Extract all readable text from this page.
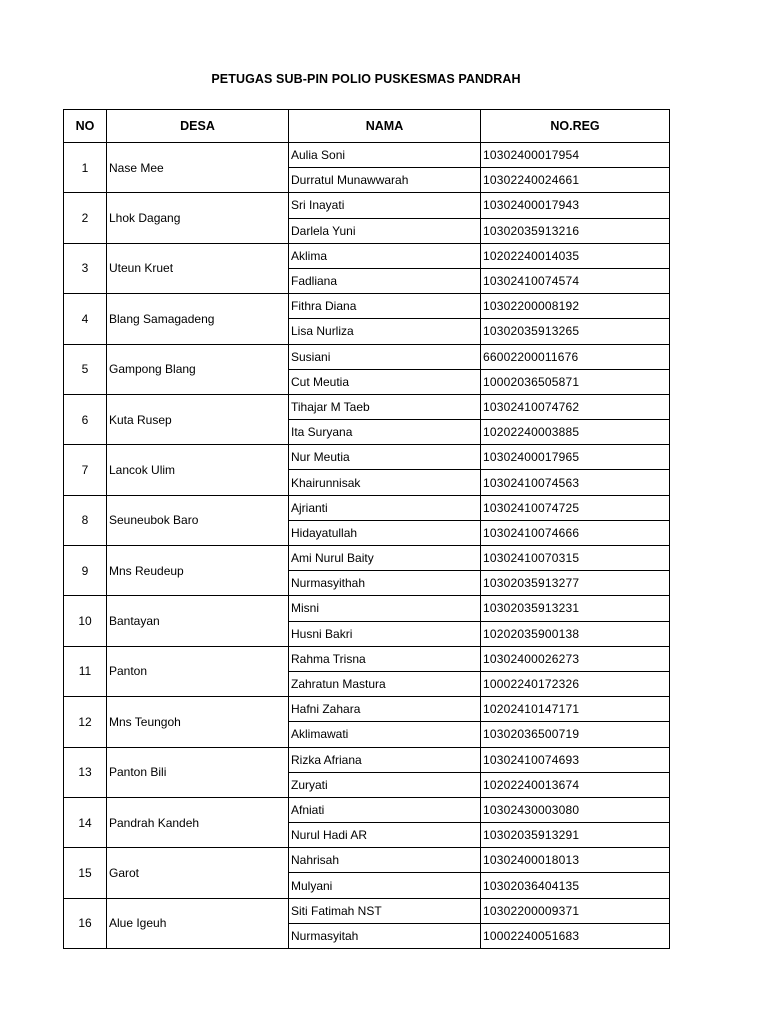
PETUGAS SUB-PIN POLIO PUSKESMAS PANDRAH
NO	DESA	NAMA	NO.REG
1	Nase Mee	Aulia Soni	10302400017954
		Durratul Munawwarah	10302240024661
2	Lhok Dagang	Sri Inayati	10302400017943
		Darlela Yuni	10302035913216
3	Uteun Kruet	Aklima	10202240014035
		Fadliana	10302410074574
4	Blang Samagadeng	Fithra Diana	10302200008192
		Lisa Nurliza	10302035913265
5	Gampong Blang	Susiani	66002200011676
		Cut Meutia	10002036505871
6	Kuta Rusep	Tihajar M Taeb	10302410074762
		Ita Suryana	10202240003885
7	Lancok Ulim	Nur Meutia	10302400017965
		Khairunnisak	10302410074563
8	Seuneubok Baro	Ajrianti	10302410074725
		Hidayatullah	10302410074666
9	Mns Reudeup	Ami Nurul Baity	10302410070315
		Nurmasyithah	10302035913277
10	Bantayan	Misni	10302035913231
		Husni Bakri	10202035900138
11	Panton	Rahma Trisna	10302400026273
		Zahratun Mastura	10002240172326
12	Mns Teungoh	Hafni Zahara	10202410147171
		Aklimawati	10302036500719
13	Panton Bili	Rizka Afriana	10302410074693
		Zuryati	10202240013674
14	Pandrah Kandeh	Afniati	10302430003080
		Nurul Hadi AR	10302035913291
15	Garot	Nahrisah	10302400018013
		Mulyani	10302036404135
16	Alue Igeuh	Siti Fatimah NST	10302200009371
		Nurmasyitah	10002240051683
